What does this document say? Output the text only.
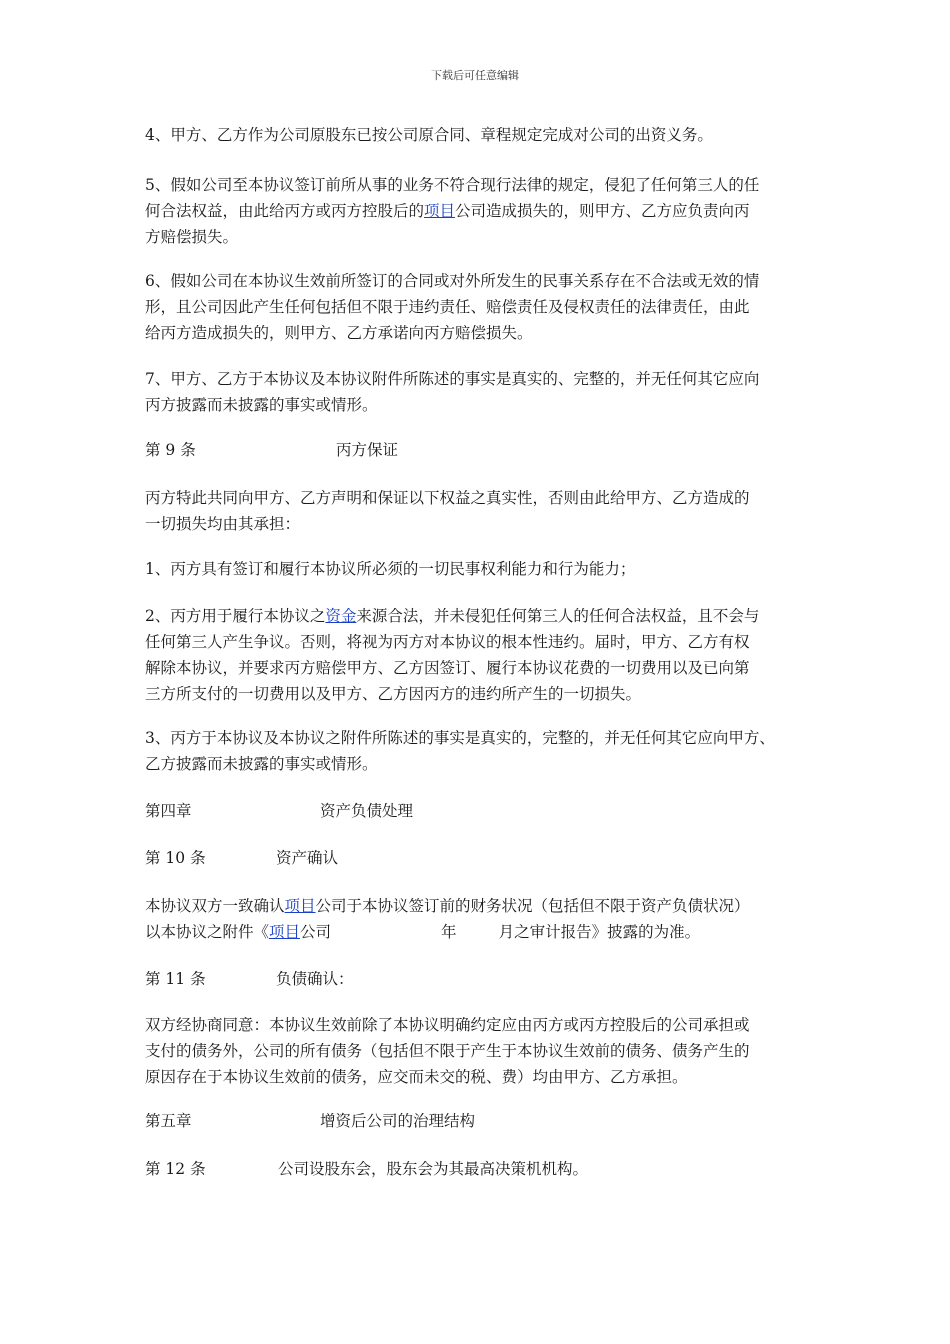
下载后可任意编辑
4、甲方、乙方作为公司原股东已按公司原合同、章程规定完成对公司的出资义务。
5、假如公司至本协议签订前所从事的业务不符合现行法律的规定，侵犯了任何第三人的任
何合法权益，由此给丙方或丙方控股后的项目公司造成损失的，则甲方、乙方应负责向丙
方赔偿损失。
6、假如公司在本协议生效前所签订的合同或对外所发生的民事关系存在不合法或无效的情
形，且公司因此产生任何包括但不限于违约责任、赔偿责任及侵权责任的法律责任，由此
给丙方造成损失的，则甲方、乙方承诺向丙方赔偿损失。
7、甲方、乙方于本协议及本协议附件所陈述的事实是真实的、完整的，并无任何其它应向
丙方披露而未披露的事实或情形。
第 9 条	丙方保证
丙方特此共同向甲方、乙方声明和保证以下权益之真实性，否则由此给甲方、乙方造成的
一切损失均由其承担：
1、丙方具有签订和履行本协议所必须的一切民事权利能力和行为能力；
2、丙方用于履行本协议之资金来源合法，并未侵犯任何第三人的任何合法权益，且不会与
任何第三人产生争议。否则，将视为丙方对本协议的根本性违约。届时，甲方、乙方有权
解除本协议，并要求丙方赔偿甲方、乙方因签订、履行本协议花费的一切费用以及已向第
三方所支付的一切费用以及甲方、乙方因丙方的违约所产生的一切损失。
3、丙方于本协议及本协议之附件所陈述的事实是真实的，完整的，并无任何其它应向甲方、
乙方披露而未披露的事实或情形。
第四章	资产负债处理
第 10 条	资产确认
本协议双方一致确认项目公司于本协议签订前的财务状况（包括但不限于资产负债状况）
以本协议之附件《项目公司	年	月之审计报告》披露的为准。
第 11 条	负债确认：
双方经协商同意：本协议生效前除了本协议明确约定应由丙方或丙方控股后的公司承担或
支付的债务外，公司的所有债务（包括但不限于产生于本协议生效前的债务、债务产生的
原因存在于本协议生效前的债务，应交而未交的税、费）均由甲方、乙方承担。
第五章	增资后公司的治理结构
第 12 条	公司设股东会，股东会为其最高决策机机构。
